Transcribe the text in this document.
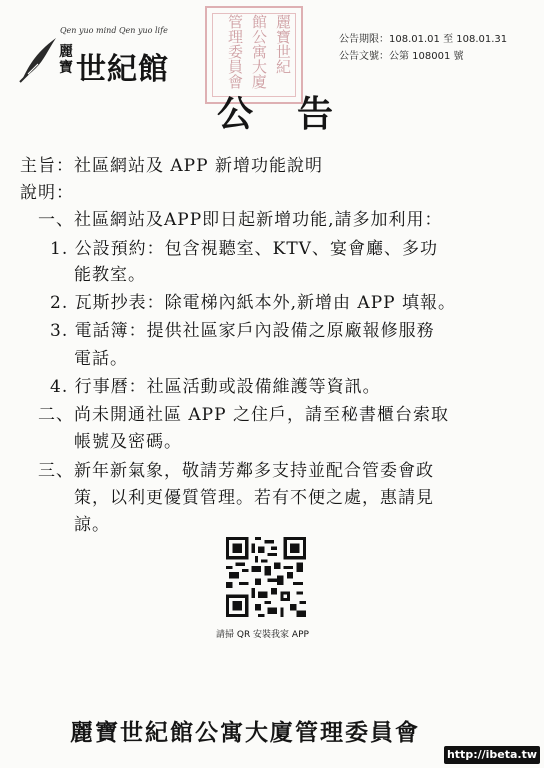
Qen yuo mind Qen yuo life
麗寶 世紀館	麗寶世紀
館公寓大廈
管理委員會	公告期限：108.01.01 至 108.01.31
公告文號：公第 108001 號
公 告
主旨：社區網站及 APP 新增功能說明
說明：
一、社區網站及APP即日起新增功能,請多加利用：
1. 公設預約：包含視聽室、KTV、宴會廳、多功
能教室。
2. 瓦斯抄表：除電梯內紙本外,新增由 APP 填報。
3. 電話簿：提供社區家戶內設備之原廠報修服務
電話。
4. 行事曆：社區活動或設備維護等資訊。
二、尚未開通社區 APP 之住戶，請至秘書櫃台索取
帳號及密碼。
三、新年新氣象，敬請芳鄰多支持並配合管委會政
策，以利更優質管理。若有不便之處，惠請見
諒。
請掃 QR 安裝我家 APP
麗寶世紀館公寓大廈管理委員會
http://ibeta.tw
